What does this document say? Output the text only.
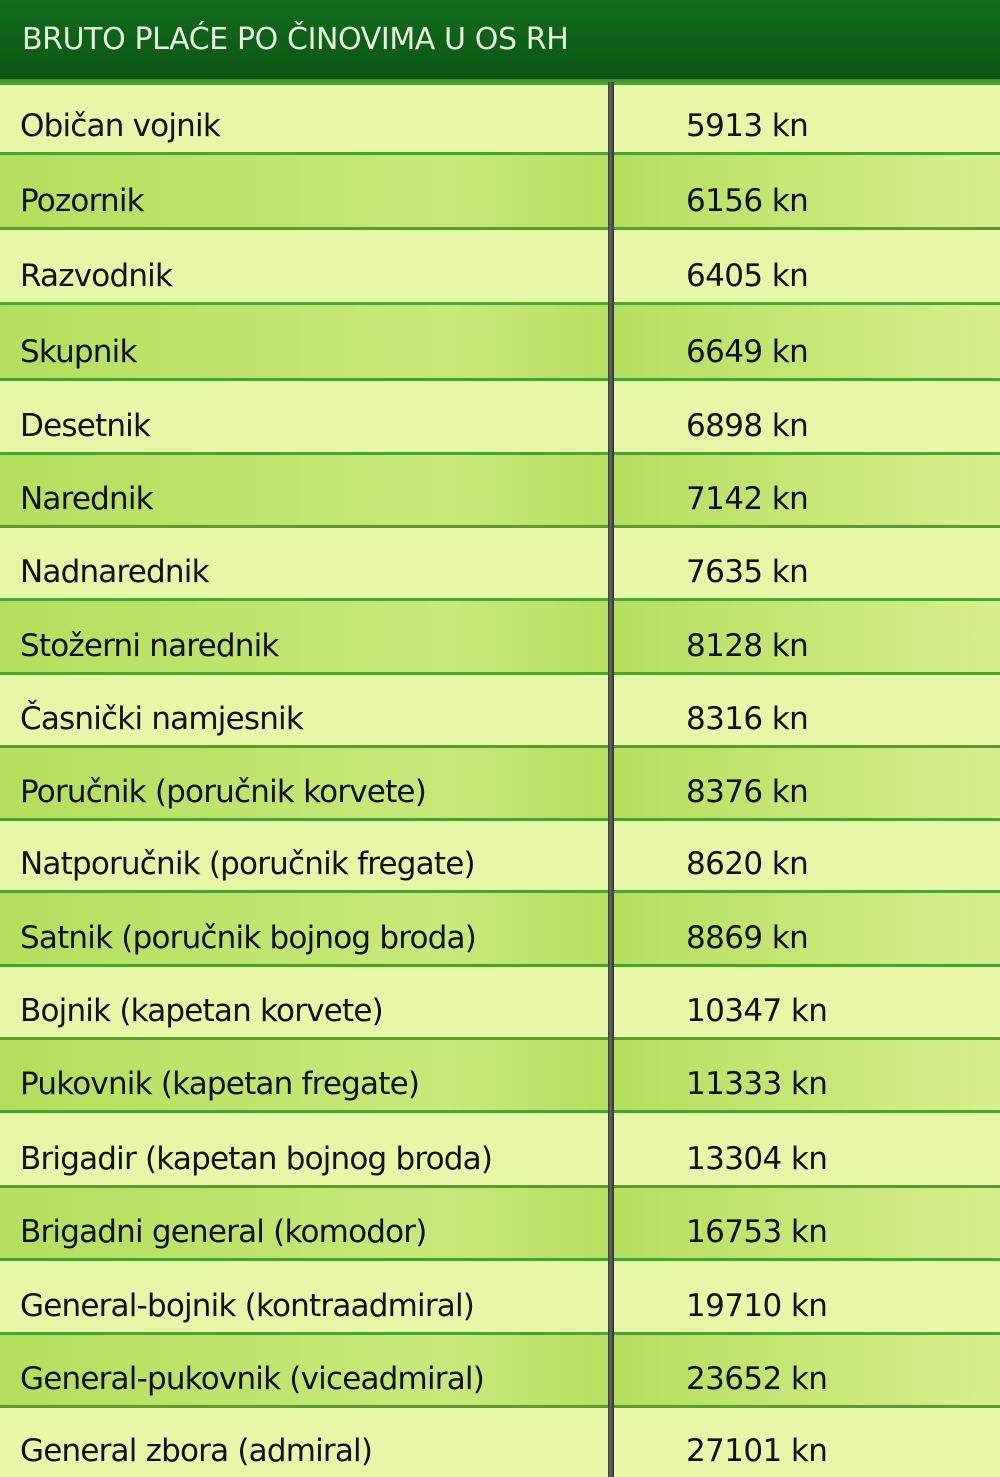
BRUTO PLAĆE PO ČINOVIMA U OS RH
Običan vojnik	5913 kn
Pozornik	6156 kn
Razvodnik	6405 kn
Skupnik	6649 kn
Desetnik	6898 kn
Narednik	7142 kn
Nadnarednik	7635 kn
Stožerni narednik	8128 kn
Časnički namjesnik	8316 kn
Poručnik (poručnik korvete)	8376 kn
Natporučnik (poručnik fregate)	8620 kn
Satnik (poručnik bojnog broda)	8869 kn
Bojnik (kapetan korvete)	10347 kn
Pukovnik (kapetan fregate)	11333 kn
Brigadir (kapetan bojnog broda)	13304 kn
Brigadni general (komodor)	16753 kn
General-bojnik (kontraadmiral)	19710 kn
General-pukovnik (viceadmiral)	23652 kn
General zbora (admiral)	27101 kn
